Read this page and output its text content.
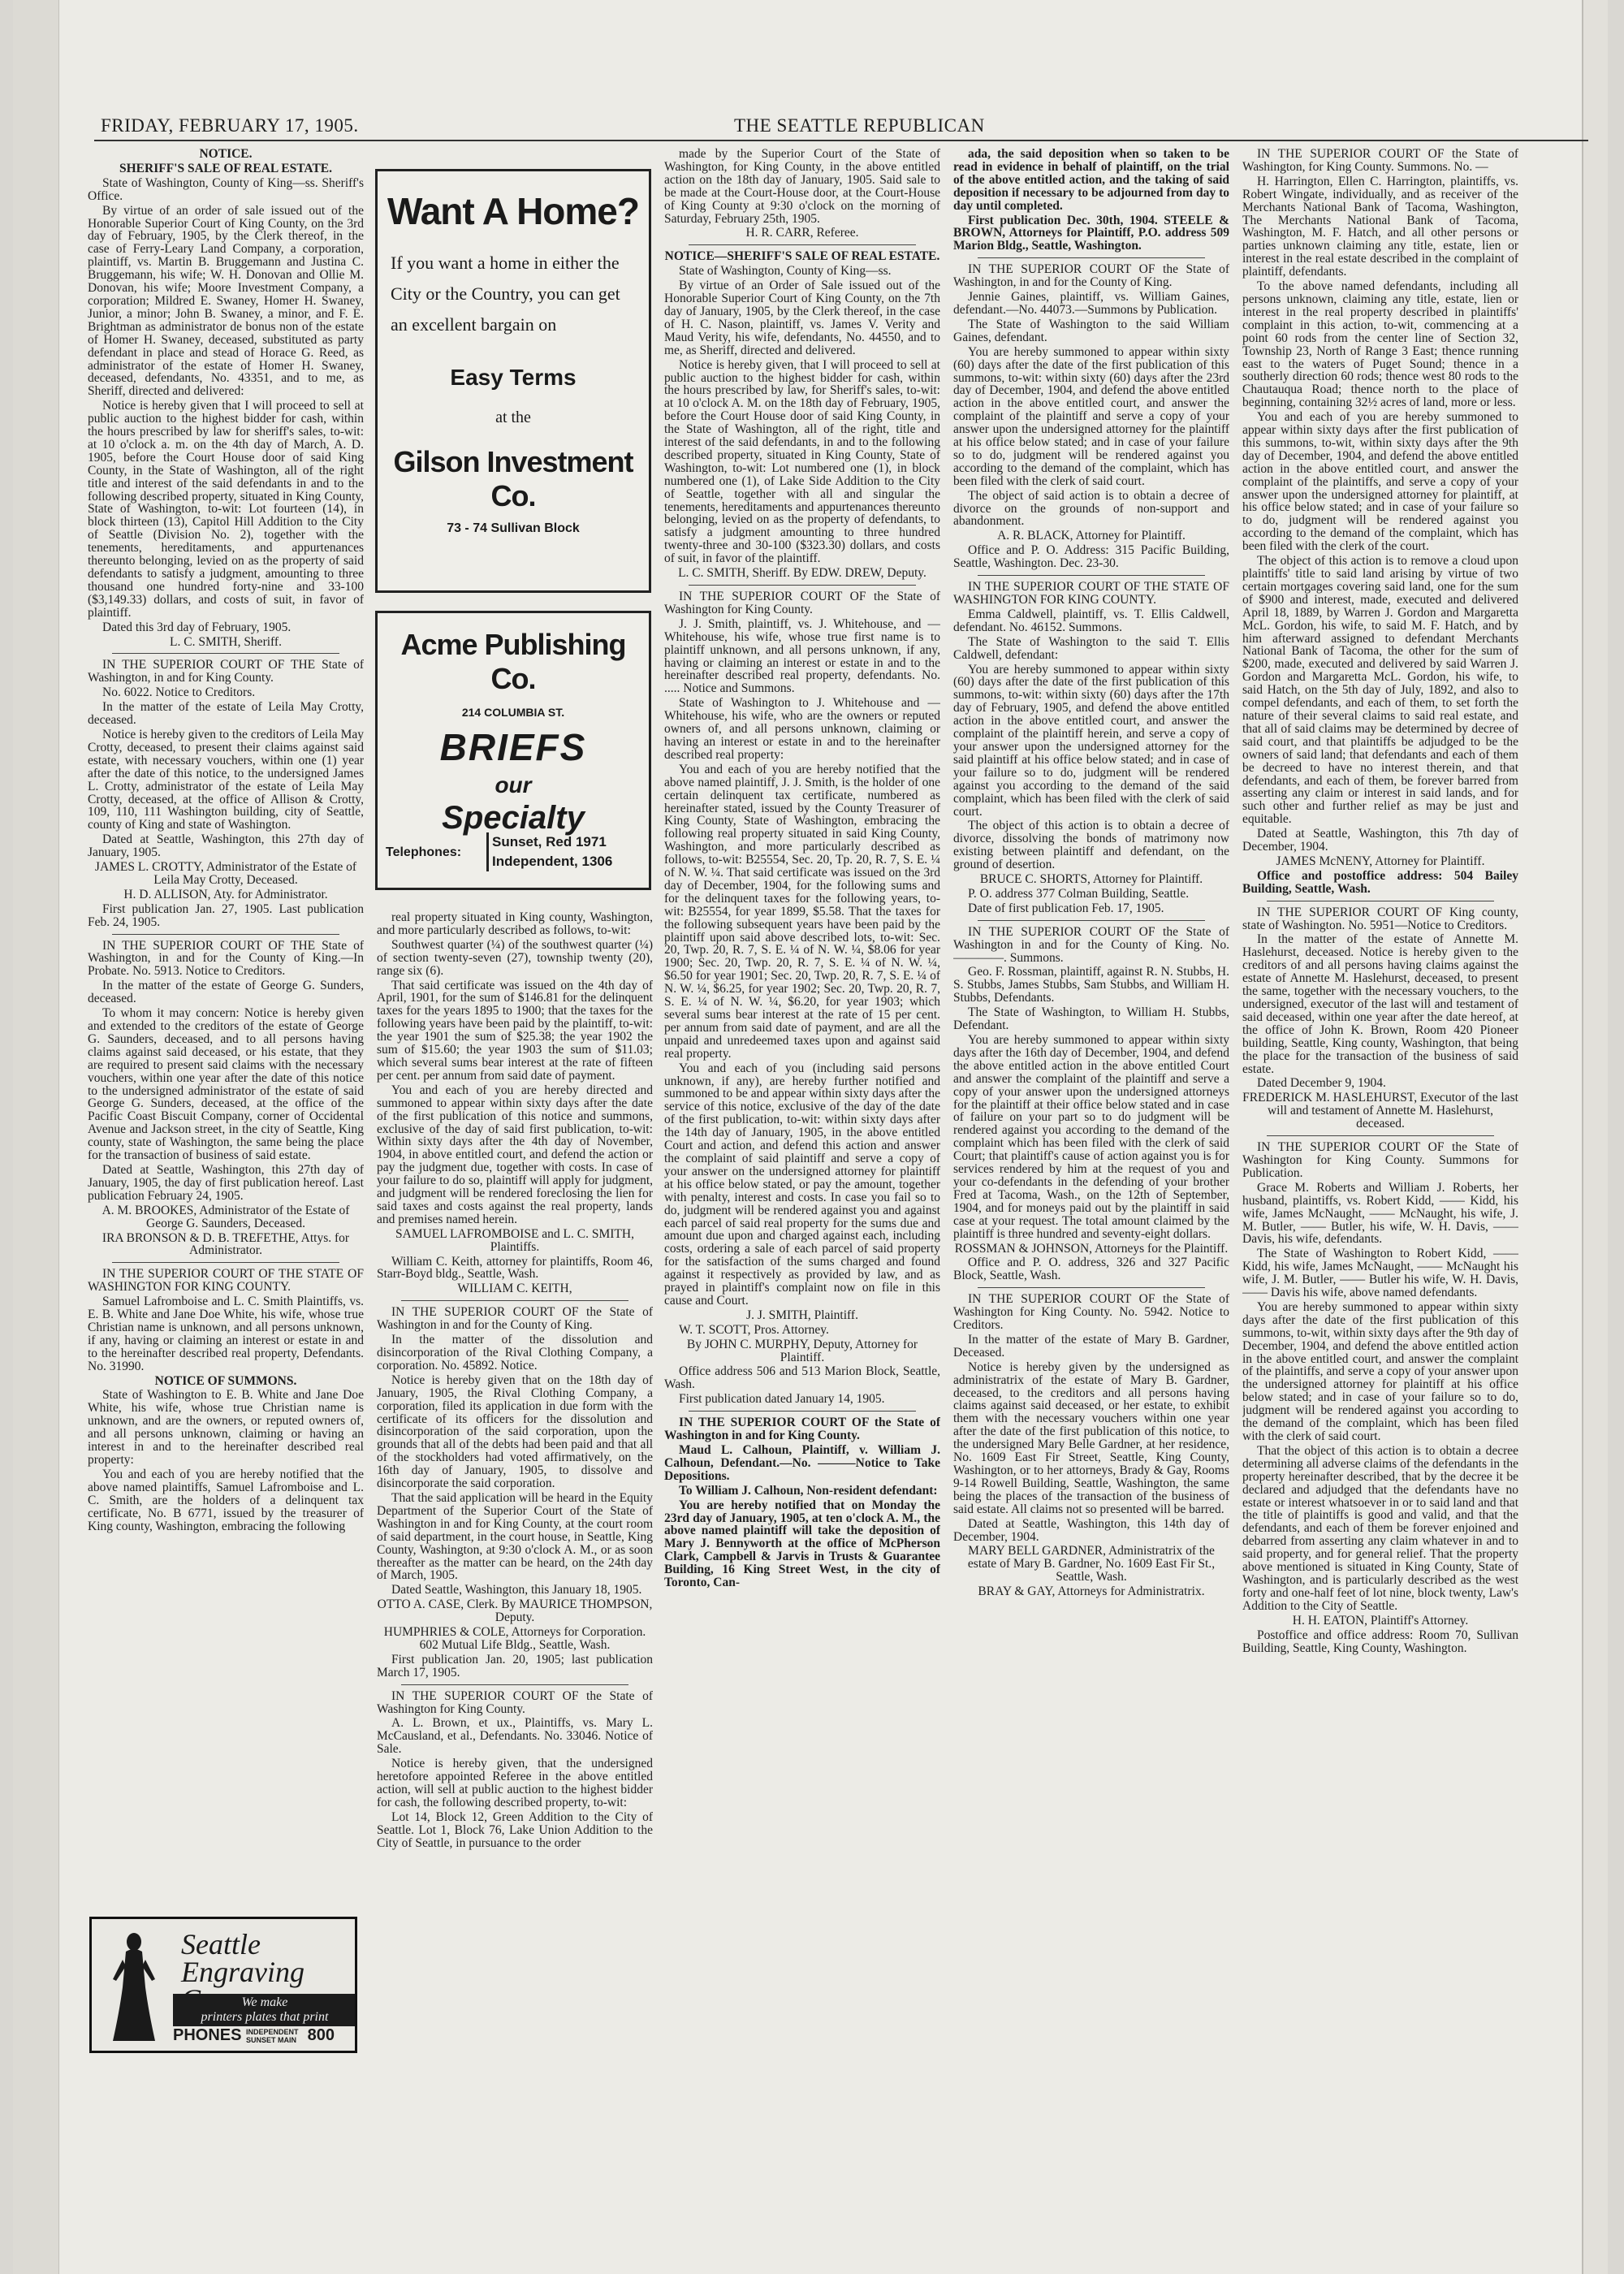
FRIDAY, FEBRUARY 17, 1905.	THE SEATTLE REPUBLICAN

NOTICE.

SHERIFF'S SALE OF REAL ESTATE.

State of Washington, County of King—ss. Sheriff's Office.

By virtue of an order of sale issued out of the Honorable Superior Court of King County, on the 3rd day of February, 1905, by the Clerk thereof, in the case of Ferry-Leary Land Company, a corporation, plaintiff, vs. Martin B. Bruggemann and Justina C. Bruggemann, his wife; W. H. Donovan and Ollie M. Donovan, his wife; Moore Investment Company, a corporation; Mildred E. Swaney, Homer H. Swaney, Junior, a minor; John B. Swaney, a minor, and F. E. Brightman as administrator de bonus non of the estate of Homer H. Swaney, deceased, substituted as party defendant in place and stead of Horace G. Reed, as administrator of the estate of Homer H. Swaney, deceased, defendants, No. 43351, and to me, as Sheriff, directed and delivered:

Notice is hereby given that I will proceed to sell at public auction to the highest bidder for cash, within the hours prescribed by law for sheriff's sales, to-wit: at 10 o'clock a. m. on the 4th day of March, A. D. 1905, before the Court House door of said King County, in the State of Washington, all of the right title and interest of the said defendants in and to the following described property, situated in King County, State of Washington, to-wit: Lot fourteen (14), in block thirteen (13), Capitol Hill Addition to the City of Seattle (Division No. 2), together with the tenements, hereditaments, and appurtenances thereunto belonging, levied on as the property of said defendants to satisfy a judgment, amounting to three thousand one hundred forty-nine and 33-100 ($3,149.33) dollars, and costs of suit, in favor of plaintiff.

Dated this 3rd day of February, 1905.

L. C. SMITH, Sheriff.

IN THE SUPERIOR COURT OF THE State of Washington, in and for King County.

No. 6022. Notice to Creditors.

In the matter of the estate of Leila May Crotty, deceased.

Notice is hereby given to the creditors of Leila May Crotty, deceased, to present their claims against said estate, with necessary vouchers, within one (1) year after the date of this notice, to the undersigned James L. Crotty, administrator of the estate of Leila May Crotty, deceased, at the office of Allison & Crotty, 109, 110, 111 Washington building, city of Seattle, county of King and state of Washington.

Dated at Seattle, Washington, this 27th day of January, 1905.

JAMES L. CROTTY, Administrator of the Estate of Leila May Crotty, Deceased.

H. D. ALLISON, Aty. for Administrator.

First publication Jan. 27, 1905. Last publication Feb. 24, 1905.

IN THE SUPERIOR COURT OF THE State of Washington, in and for the County of King.—In Probate. No. 5913. Notice to Creditors.

In the matter of the estate of George G. Sunders, deceased.

To whom it may concern: Notice is hereby given and extended to the creditors of the estate of George G. Saunders, deceased, and to all persons having claims against said deceased, or his estate, that they are required to present said claims with the necessary vouchers, within one year after the date of this notice to the undersigned administrator of the estate of said George G. Sunders, deceased, at the office of the Pacific Coast Biscuit Company, corner of Occidental Avenue and Jackson street, in the city of Seattle, King county, state of Washington, the same being the place for the transaction of business of said estate.

Dated at Seattle, Washington, this 27th day of January, 1905, the day of first publication hereof. Last publication February 24, 1905.

A. M. BROOKES, Administrator of the Estate of George G. Saunders, Deceased.

IRA BRONSON & D. B. TREFETHE, Attys. for Administrator.

IN THE SUPERIOR COURT OF THE STATE OF WASHINGTON FOR KING COUNTY.

Samuel Lafromboise and L. C. Smith Plaintiffs, vs. E. B. White and Jane Doe White, his wife, whose true Christian name is unknown, and all persons unknown, if any, having or claiming an interest or estate in and to the hereinafter described real property, Defendants. No. 31990.

NOTICE OF SUMMONS.

State of Washington to E. B. White and Jane Doe White, his wife, whose true Christian name is unknown, and are the owners, or reputed owners of, and all persons unknown, claiming or having an interest in and to the hereinafter described real property:

You and each of you are hereby notified that the above named plaintiffs, Samuel Lafromboise and L. C. Smith, are the holders of a delinquent tax certificate, No. B 6771, issued by the treasurer of King county, Washington, embracing the following

real property situated in King county, Washington, and more particularly described as follows, to-wit:

Southwest quarter (¼) of the southwest quarter (¼) of section twenty-seven (27), township twenty (20), range six (6).

That said certificate was issued on the 4th day of April, 1901, for the sum of $146.81 for the delinquent taxes for the years 1895 to 1900; that the taxes for the following years have been paid by the plaintiff, to-wit: the year 1901 the sum of $25.38; the year 1902 the sum of $15.60; the year 1903 the sum of $11.03; which several sums bear interest at the rate of fifteen per cent. per annum from said date of payment.

You and each of you are hereby directed and summoned to appear within sixty days after the date of the first publication of this notice and summons, exclusive of the day of said first publication, to-wit: Within sixty days after the 4th day of November, 1904, in above entitled court, and defend the action or pay the judgment due, together with costs. In case of your failure to do so, plaintiff will apply for judgment, and judgment will be rendered foreclosing the lien for said taxes and costs against the real property, lands and premises named herein.

SAMUEL LAFROMBOISE and L. C. SMITH, Plaintiffs.

William C. Keith, attorney for plaintiffs, Room 46, Starr-Boyd bldg., Seattle, Wash.

WILLIAM C. KEITH,

IN THE SUPERIOR COURT OF the State of Washington in and for the County of King.

In the matter of the dissolution and disincorporation of the Rival Clothing Company, a corporation. No. 45892. Notice.

Notice is hereby given that on the 18th day of January, 1905, the Rival Clothing Company, a corporation, filed its application in due form with the certificate of its officers for the dissolution and disincorporation of the said corporation, upon the grounds that all of the debts had been paid and that all of the stockholders had voted affirmatively, on the 16th day of January, 1905, to dissolve and disincorporate the said corporation.

That the said application will be heard in the Equity Department of the Superior Court of the State of Washington in and for King County, at the court room of said department, in the court house, in Seattle, King County, Washington, at 9:30 o'clock A. M., or as soon thereafter as the matter can be heard, on the 24th day of March, 1905.

Dated Seattle, Washington, this January 18, 1905.

OTTO A. CASE, Clerk. By MAURICE THOMPSON, Deputy.

HUMPHRIES & COLE, Attorneys for Corporation. 602 Mutual Life Bldg., Seattle, Wash.

First publication Jan. 20, 1905; last publication March 17, 1905.

IN THE SUPERIOR COURT OF the State of Washington for King County.

A. L. Brown, et ux., Plaintiffs, vs. Mary L. McCausland, et al., Defendants. No. 33046. Notice of Sale.

Notice is hereby given, that the undersigned heretofore appointed Referee in the above entitled action, will sell at public auction to the highest bidder for cash, the following described property, to-wit:

Lot 14, Block 12, Green Addition to the City of Seattle. Lot 1, Block 76, Lake Union Addition to the City of Seattle, in pursuance to the order

made by the Superior Court of the State of Washington, for King County, in the above entitled action on the 18th day of January, 1905. Said sale to be made at the Court-House door, at the Court-House of King County at 9:30 o'clock on the morning of Saturday, February 25th, 1905.

H. R. CARR, Referee.

NOTICE—SHERIFF'S SALE OF REAL ESTATE.

State of Washington, County of King—ss.

By virtue of an Order of Sale issued out of the Honorable Superior Court of King County, on the 7th day of January, 1905, by the Clerk thereof, in the case of H. C. Nason, plaintiff, vs. James V. Verity and Maud Verity, his wife, defendants, No. 44550, and to me, as Sheriff, directed and delivered.

Notice is hereby given, that I will proceed to sell at public auction to the highest bidder for cash, within the hours prescribed by law, for Sheriff's sales, to-wit: at 10 o'clock A. M. on the 18th day of February, 1905, before the Court House door of said King County, in the State of Washington, all of the right, title and interest of the said defendants, in and to the following described property, situated in King County, State of Washington, to-wit: Lot numbered one (1), in block numbered one (1), of Lake Side Addition to the City of Seattle, together with all and singular the tenements, hereditaments and appurtenances thereunto belonging, levied on as the property of defendants, to satisfy a judgment amounting to three hundred twenty-three and 30-100 ($323.30) dollars, and costs of suit, in favor of the plaintiff.

L. C. SMITH, Sheriff. By EDW. DREW, Deputy.

IN THE SUPERIOR COURT OF the State of Washington for King County.

J. J. Smith, plaintiff, vs. J. Whitehouse, and — Whitehouse, his wife, whose true first name is to plaintiff unknown, and all persons unknown, if any, having or claiming an interest or estate in and to the hereinafter described real property, defendants. No. ..... Notice and Summons.

State of Washington to J. Whitehouse and — Whitehouse, his wife, who are the owners or reputed owners of, and all persons unknown, claiming or having an interest or estate in and to the hereinafter described real property:

You and each of you are hereby notified that the above named plaintiff, J. J. Smith, is the holder of one certain delinquent tax certificate, numbered as hereinafter stated, issued by the County Treasurer of King County, State of Washington, embracing the following real property situated in said King County, Washington, and more particularly described as follows, to-wit: B25554, Sec. 20, Tp. 20, R. 7, S. E. ¼ of N. W. ¼. That said certificate was issued on the 3rd day of December, 1904, for the following sums and for the delinquent taxes for the following years, to-wit: B25554, for year 1899, $5.58. That the taxes for the following subsequent years have been paid by the plaintiff upon said above described lots, to-wit: Sec. 20, Twp. 20, R. 7, S. E. ¼ of N. W. ¼, $8.06 for year 1900; Sec. 20, Twp. 20, R. 7, S. E. ¼ of N. W. ¼, $6.50 for year 1901; Sec. 20, Twp. 20, R. 7, S. E. ¼ of N. W. ¼, $6.25, for year 1902; Sec. 20, Twp. 20, R. 7, S. E. ¼ of N. W. ¼, $6.20, for year 1903; which several sums bear interest at the rate of 15 per cent. per annum from said date of payment, and are all the unpaid and unredeemed taxes upon and against said real property.

You and each of you (including said persons unknown, if any), are hereby further notified and summoned to be and appear within sixty days after the service of this notice, exclusive of the day of the date of the first publication, to-wit: within sixty days after the 14th day of January, 1905, in the above entitled Court and action, and defend this action and answer the complaint of said plaintiff and serve a copy of your answer on the undersigned attorney for plaintiff at his office below stated, or pay the amount, together with penalty, interest and costs. In case you fail so to do, judgment will be rendered against you and against each parcel of said real property for the sums due and amount due upon and charged against each, including costs, ordering a sale of each parcel of said property for the satisfaction of the sums charged and found against it respectively as provided by law, and as prayed in plaintiff's complaint now on file in this cause and Court.

J. J. SMITH, Plaintiff.

W. T. SCOTT, Pros. Attorney.

By JOHN C. MURPHY, Deputy, Attorney for Plaintiff.

Office address 506 and 513 Marion Block, Seattle, Wash.

First publication dated January 14, 1905.

IN THE SUPERIOR COURT OF the State of Washington in and for King County.

Maud L. Calhoun, Plaintiff, v. William J. Calhoun, Defendant.—No. ———Notice to Take Depositions.

To William J. Calhoun, Non-resident defendant:

You are hereby notified that on Monday the 23rd day of January, 1905, at ten o'clock A. M., the above named plaintiff will take the deposition of Mary J. Bennyworth at the office of McPherson Clark, Campbell & Jarvis in Trusts & Guarantee Building, 16 King Street West, in the city of Toronto, Can-

ada, the said deposition when so taken to be read in evidence in behalf of plaintiff, on the trial of the above entitled action, and the taking of said deposition if necessary to be adjourned from day to day until completed.

First publication Dec. 30th, 1904. STEELE & BROWN, Attorneys for Plaintiff, P.O. address 509 Marion Bldg., Seattle, Washington.

IN THE SUPERIOR COURT OF the State of Washington, in and for the County of King.

Jennie Gaines, plaintiff, vs. William Gaines, defendant.—No. 44073.—Summons by Publication.

The State of Washington to the said William Gaines, defendant.

You are hereby summoned to appear within sixty (60) days after the date of the first publication of this summons, to-wit: within sixty (60) days after the 23rd day of December, 1904, and defend the above entitled action in the above entitled court, and answer the complaint of the plaintiff and serve a copy of your answer upon the undersigned attorney for the plaintiff at his office below stated; and in case of your failure so to do, judgment will be rendered against you according to the demand of the complaint, which has been filed with the clerk of said court.

The object of said action is to obtain a decree of divorce on the grounds of non-support and abandonment.

A. R. BLACK, Attorney for Plaintiff.

Office and P. O. Address: 315 Pacific Building, Seattle, Washington. Dec. 23-30.

IN THE SUPERIOR COURT OF THE STATE OF WASHINGTON FOR KING COUNTY.

Emma Caldwell, plaintiff, vs. T. Ellis Caldwell, defendant. No. 46152. Summons.

The State of Washington to the said T. Ellis Caldwell, defendant:

You are hereby summoned to appear within sixty (60) days after the date of the first publication of this summons, to-wit: within sixty (60) days after the 17th day of February, 1905, and defend the above entitled action in the above entitled court, and answer the complaint of the plaintiff herein, and serve a copy of your answer upon the undersigned attorney for the said plaintiff at his office below stated; and in case of your failure so to do, judgment will be rendered against you according to the demand of the said complaint, which has been filed with the clerk of said court.

The object of this action is to obtain a decree of divorce, dissolving the bonds of matrimony now existing between plaintiff and defendant, on the ground of desertion.

BRUCE C. SHORTS, Attorney for Plaintiff.

P. O. address 377 Colman Building, Seattle.

Date of first publication Feb. 17, 1905.

IN THE SUPERIOR COURT OF the State of Washington in and for the County of King. No. ————. Summons.

Geo. F. Rossman, plaintiff, against R. N. Stubbs, H. S. Stubbs, James Stubbs, Sam Stubbs, and William H. Stubbs, Defendants.

The State of Washington, to William H. Stubbs, Defendant.

You are hereby summoned to appear within sixty days after the 16th day of December, 1904, and defend the above entitled action in the above entitled Court and answer the complaint of the plaintiff and serve a copy of your answer upon the undersigned attorneys for the plaintiff at their office below stated and in case of failure on your part so to do judgment will be rendered against you according to the demand of the complaint which has been filed with the clerk of said Court; that plaintiff's cause of action against you is for services rendered by him at the request of you and your co-defendants in the defending of your brother Fred at Tacoma, Wash., on the 12th of September, 1904, and for moneys paid out by the plaintiff in said case at your request. The total amount claimed by the plaintiff is three hundred and seventy-eight dollars.

ROSSMAN & JOHNSON, Attorneys for the Plaintiff.

Office and P. O. address, 326 and 327 Pacific Block, Seattle, Wash.

IN THE SUPERIOR COURT OF the State of Washington for King County. No. 5942. Notice to Creditors.

In the matter of the estate of Mary B. Gardner, Deceased.

Notice is hereby given by the undersigned as administratrix of the estate of Mary B. Gardner, deceased, to the creditors and all persons having claims against said deceased, or her estate, to exhibit them with the necessary vouchers within one year after the date of the first publication of this notice, to the undersigned Mary Belle Gardner, at her residence, No. 1609 East Fir Street, Seattle, King County, Washington, or to her attorneys, Brady & Gay, Rooms 9-14 Rowell Building, Seattle, Washington, the same being the places of the transaction of the business of said estate. All claims not so presented will be barred.

Dated at Seattle, Washington, this 14th day of December, 1904.

MARY BELL GARDNER, Administratrix of the estate of Mary B. Gardner, No. 1609 East Fir St., Seattle, Wash.

BRAY & GAY, Attorneys for Administratrix.

IN THE SUPERIOR COURT OF the State of Washington, for King County. Summons. No. —

H. Harrington, Ellen C. Harrington, plaintiffs, vs. Robert Wingate, individually, and as receiver of the Merchants National Bank of Tacoma, Washington, The Merchants National Bank of Tacoma, Washington, M. F. Hatch, and all other persons or parties unknown claiming any title, estate, lien or interest in the real estate described in the complaint of plaintiff, defendants.

To the above named defendants, including all persons unknown, claiming any title, estate, lien or interest in the real property described in plaintiffs' complaint in this action, to-wit, commencing at a point 60 rods from the center line of Section 32, Township 23, North of Range 3 East; thence running east to the waters of Puget Sound; thence in a southerly direction 60 rods; thence west 80 rods to the Chautauqua Road; thence north to the place of beginning, containing 32½ acres of land, more or less.

You and each of you are hereby summoned to appear within sixty days after the first publication of this summons, to-wit, within sixty days after the 9th day of December, 1904, and defend the above entitled action in the above entitled court, and answer the complaint of the plaintiffs, and serve a copy of your answer upon the undersigned attorney for plaintiff, at his office below stated; and in case of your failure so to do, judgment will be rendered against you according to the demand of the complaint, which has been filed with the clerk of the court.

The object of this action is to remove a cloud upon plaintiffs' title to said land arising by virtue of two certain mortgages covering said land, one for the sum of $900 and interest, made, executed and delivered April 18, 1889, by Warren J. Gordon and Margaretta McL. Gordon, his wife, to said M. F. Hatch, and by him afterward assigned to defendant Merchants National Bank of Tacoma, the other for the sum of $200, made, executed and delivered by said Warren J. Gordon and Margaretta McL. Gordon, his wife, to said Hatch, on the 5th day of July, 1892, and also to compel defendants, and each of them, to set forth the nature of their several claims to said real estate, and that all of said claims may be determined by decree of said court, and that plaintiffs be adjudged to be the owners of said land; that defendants and each of them be decreed to have no interest therein, and that defendants, and each of them, be forever barred from asserting any claim or interest in said lands, and for such other and further relief as may be just and equitable.

Dated at Seattle, Washington, this 7th day of December, 1904.

JAMES McNENY, Attorney for Plaintiff.

Office and postoffice address: 504 Bailey Building, Seattle, Wash.

IN THE SUPERIOR COURT OF King county, state of Washington. No. 5951—Notice to Creditors.

In the matter of the estate of Annette M. Haslehurst, deceased. Notice is hereby given to the creditors of and all persons having claims against the estate of Annette M. Haslehurst, deceased, to present the same, together with the necessary vouchers, to the undersigned, executor of the last will and testament of said deceased, within one year after the date hereof, at the office of John K. Brown, Room 420 Pioneer building, Seattle, King county, Washington, that being the place for the transaction of the business of said estate.

Dated December 9, 1904.

FREDERICK M. HASLEHURST, Executor of the last will and testament of Annette M. Haslehurst, deceased.

IN THE SUPERIOR COURT OF the State of Washington for King County. Summons for Publication.

Grace M. Roberts and William J. Roberts, her husband, plaintiffs, vs. Robert Kidd, —— Kidd, his wife, James McNaught, —— McNaught, his wife, J. M. Butler, —— Butler, his wife, W. H. Davis, —— Davis, his wife, defendants.

The State of Washington to Robert Kidd, —— Kidd, his wife, James McNaught, —— McNaught his wife, J. M. Butler, —— Butler his wife, W. H. Davis, —— Davis his wife, above named defendants.

You are hereby summoned to appear within sixty days after the date of the first publication of this summons, to-wit, within sixty days after the 9th day of December, 1904, and defend the above entitled action in the above entitled court, and answer the complaint of the plaintiffs, and serve a copy of your answer upon the undersigned attorney for plaintiff at his office below stated; and in case of your failure so to do, judgment will be rendered against you according to the demand of the complaint, which has been filed with the clerk of said court.

That the object of this action is to obtain a decree determining all adverse claims of the defendants in the property hereinafter described, that by the decree it be declared and adjudged that the defendants have no estate or interest whatsoever in or to said land and that the title of plaintiffs is good and valid, and that the defendants, and each of them be forever enjoined and debarred from asserting any claim whatever in and to said property, and for general relief. That the property above mentioned is situated in King County, State of Washington, and is particularly described as the west forty and one-half feet of lot nine, block twenty, Law's Addition to the City of Seattle.

H. H. EATON, Plaintiff's Attorney.

Postoffice and office address: Room 70, Sullivan Building, Seattle, King County, Washington.

Want A Home?
If you want a home in either the City or the Country, you can get an excellent bargain on
Easy Terms
at the
Gilson Investment Co.
73 - 74 Sullivan Block
Acme Publishing Co.
214 COLUMBIA ST.
BRIEFS
our
Specialty
Telephones:
Sunset, Red 1971
Independent, 1306
Seattle Engraving
We make
printers plates that print
PHONES INDEPENDENT SUNSET MAIN 800
